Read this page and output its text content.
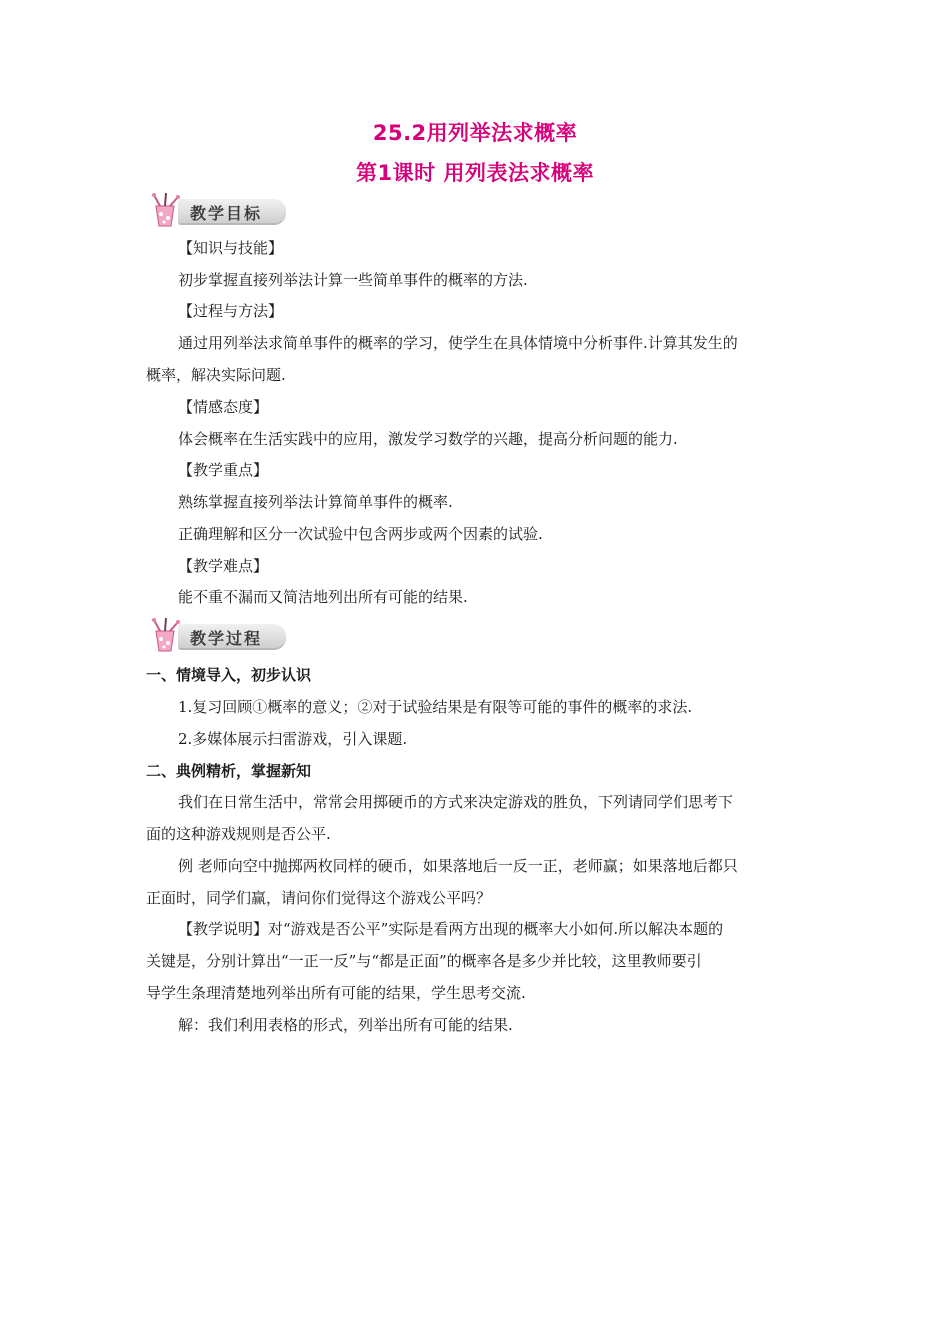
25.2用列举法求概率
第1课时 用列表法求概率
教学目标
【知识与技能】
初步掌握直接列举法计算一些简单事件的概率的方法.
【过程与方法】
通过用列举法求简单事件的概率的学习，使学生在具体情境中分析事件.计算其发生的
概率，解决实际问题.
【情感态度】
体会概率在生活实践中的应用，激发学习数学的兴趣，提高分析问题的能力.
【教学重点】
熟练掌握直接列举法计算简单事件的概率.
正确理解和区分一次试验中包含两步或两个因素的试验.
【教学难点】
能不重不漏而又简洁地列出所有可能的结果.
教学过程
一、情境导入，初步认识
1.复习回顾①概率的意义；②对于试验结果是有限等可能的事件的概率的求法.
2.多媒体展示扫雷游戏，引入课题.
二、典例精析，掌握新知
我们在日常生活中，常常会用掷硬币的方式来决定游戏的胜负，下列请同学们思考下
面的这种游戏规则是否公平.
例 老师向空中抛掷两枚同样的硬币，如果落地后一反一正，老师赢；如果落地后都只
正面时，同学们赢，请问你们觉得这个游戏公平吗？
【教学说明】对“游戏是否公平”实际是看两方出现的概率大小如何.所以解决本题的
关键是，分别计算出“一正一反”与“都是正面”的概率各是多少并比较，这里教师要引
导学生条理清楚地列举出所有可能的结果，学生思考交流.
解：我们利用表格的形式，列举出所有可能的结果.
